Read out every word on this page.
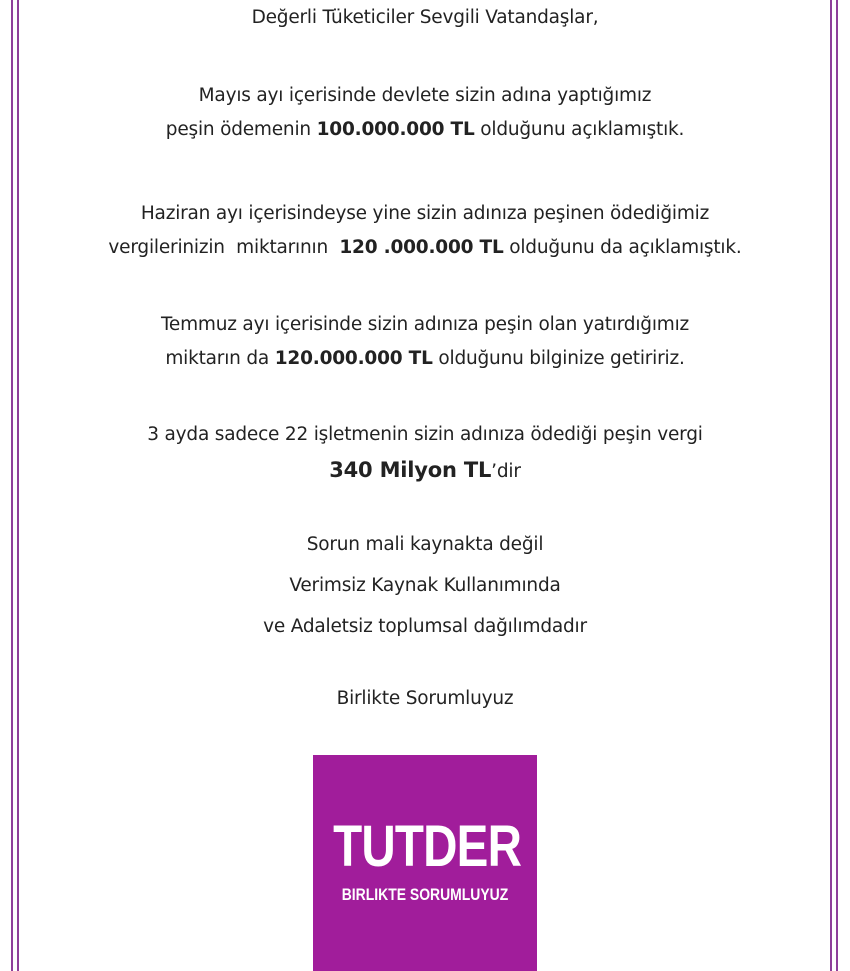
Değerli Tüketiciler Sevgili Vatandaşlar,

Mayıs ayı içerisinde devlete sizin adına yaptığımız
peşin ödemenin 100.000.000 TL olduğunu açıklamıştık.

Haziran ayı içerisindeyse yine sizin adınıza peşinen ödediğimiz
vergilerinizin  miktarının  120 .000.000 TL olduğunu da açıklamıştık.

Temmuz ayı içerisinde sizin adınıza peşin olan yatırdığımız
miktarın da 120.000.000 TL olduğunu bilginize getiririz.

3 ayda sadece 22 işletmenin sizin adınıza ödediği peşin vergi
340 Milyon TL’dir

Sorun mali kaynakta değil
Verimsiz Kaynak Kullanımında
ve Adaletsiz toplumsal dağılımdadır

Birlikte Sorumluyuz

TUTDER
BIRLIKTE SORUMLUYUZ
